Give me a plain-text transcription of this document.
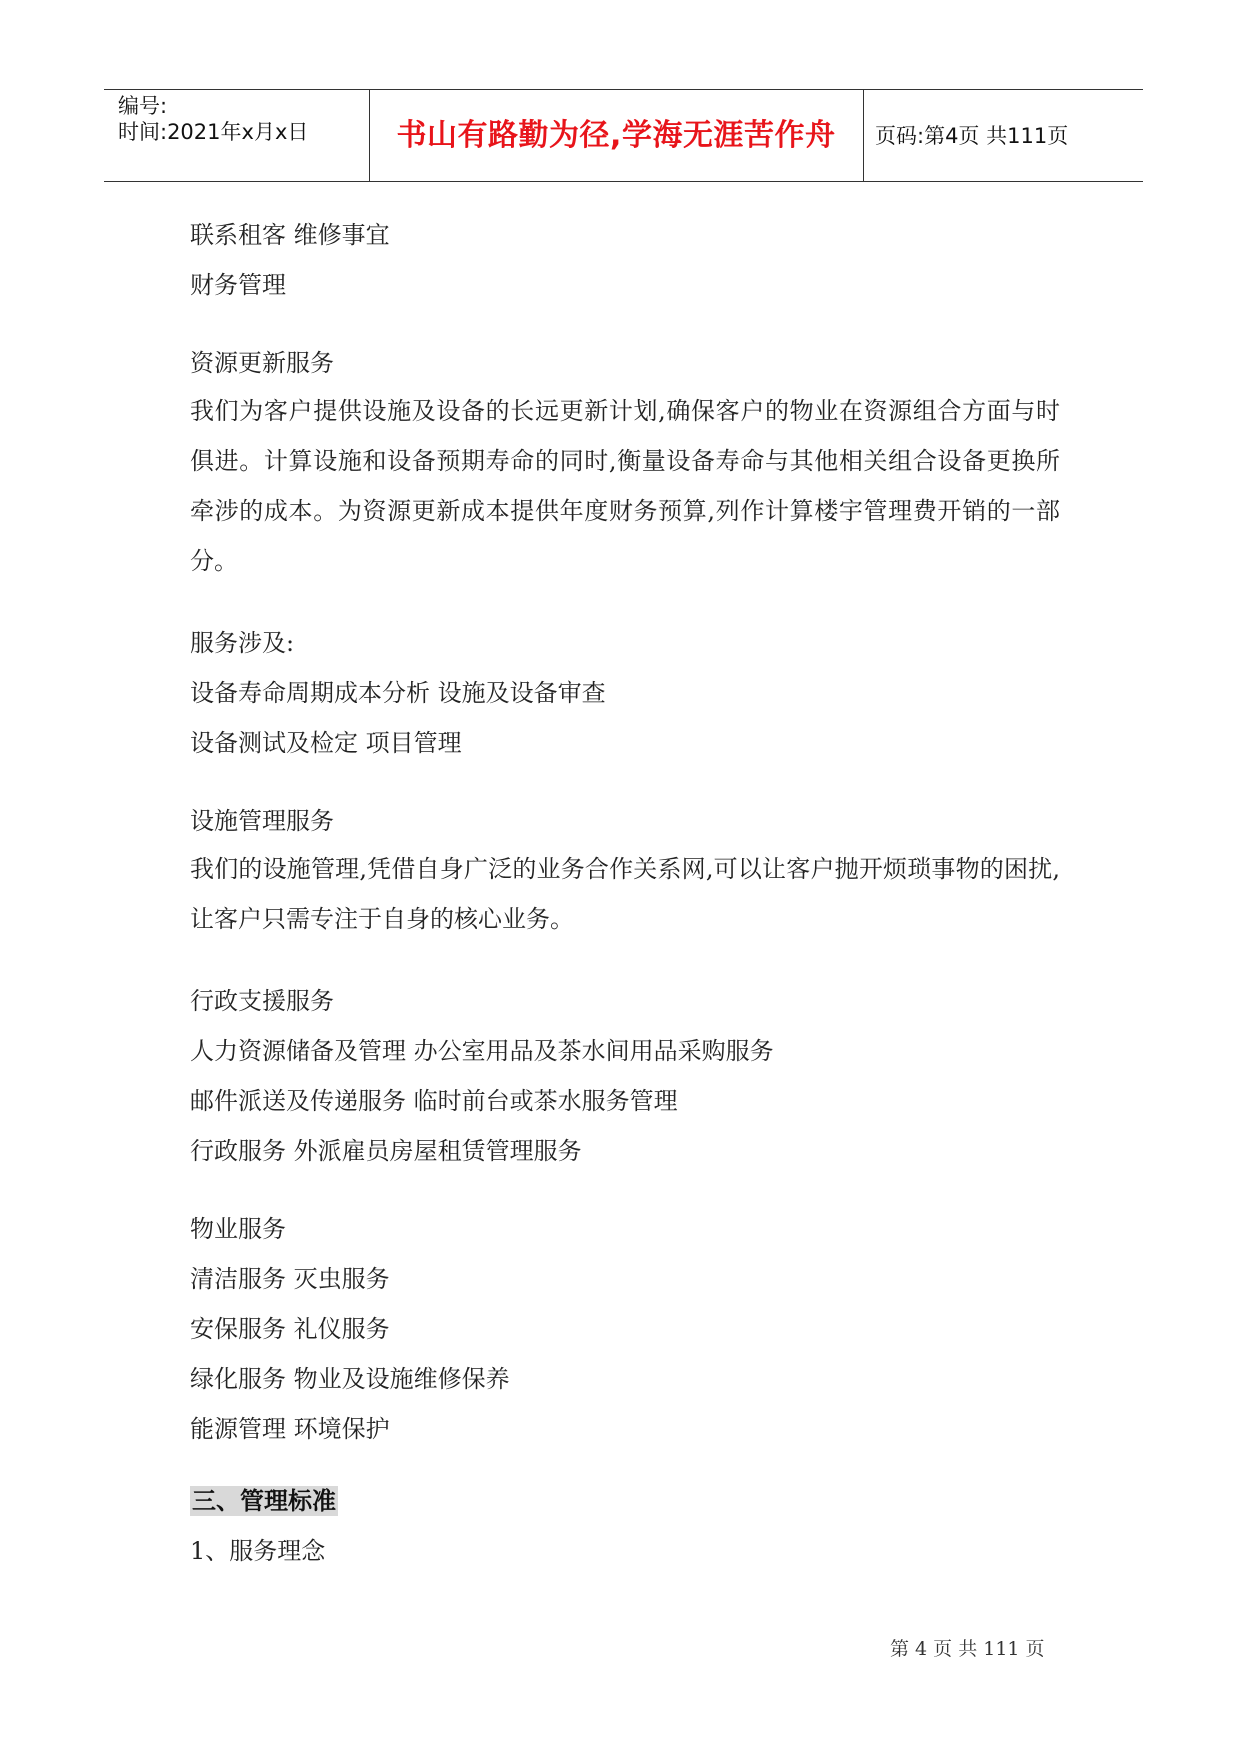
编号:
时间:2021年x月x日	书山有路勤为径,学海无涯苦作舟	页码:第4页 共111页
联系租客 维修事宜
财务管理
资源更新服务
我们为客户提供设施及设备的长远更新计划,确保客户的物业在资源组合方面与时俱进。计算设施和设备预期寿命的同时,衡量设备寿命与其他相关组合设备更换所牵涉的成本。为资源更新成本提供年度财务预算,列作计算楼宇管理费开销的一部分。
服务涉及:
设备寿命周期成本分析 设施及设备审查
设备测试及检定 项目管理
设施管理服务
我们的设施管理,凭借自身广泛的业务合作关系网,可以让客户抛开烦琐事物的困扰,让客户只需专注于自身的核心业务。
行政支援服务
人力资源储备及管理 办公室用品及茶水间用品采购服务
邮件派送及传递服务 临时前台或茶水服务管理
行政服务 外派雇员房屋租赁管理服务
物业服务
清洁服务 灭虫服务
安保服务 礼仪服务
绿化服务 物业及设施维修保养
能源管理 环境保护
三、管理标准
1、服务理念
第 4 页 共 111 页
